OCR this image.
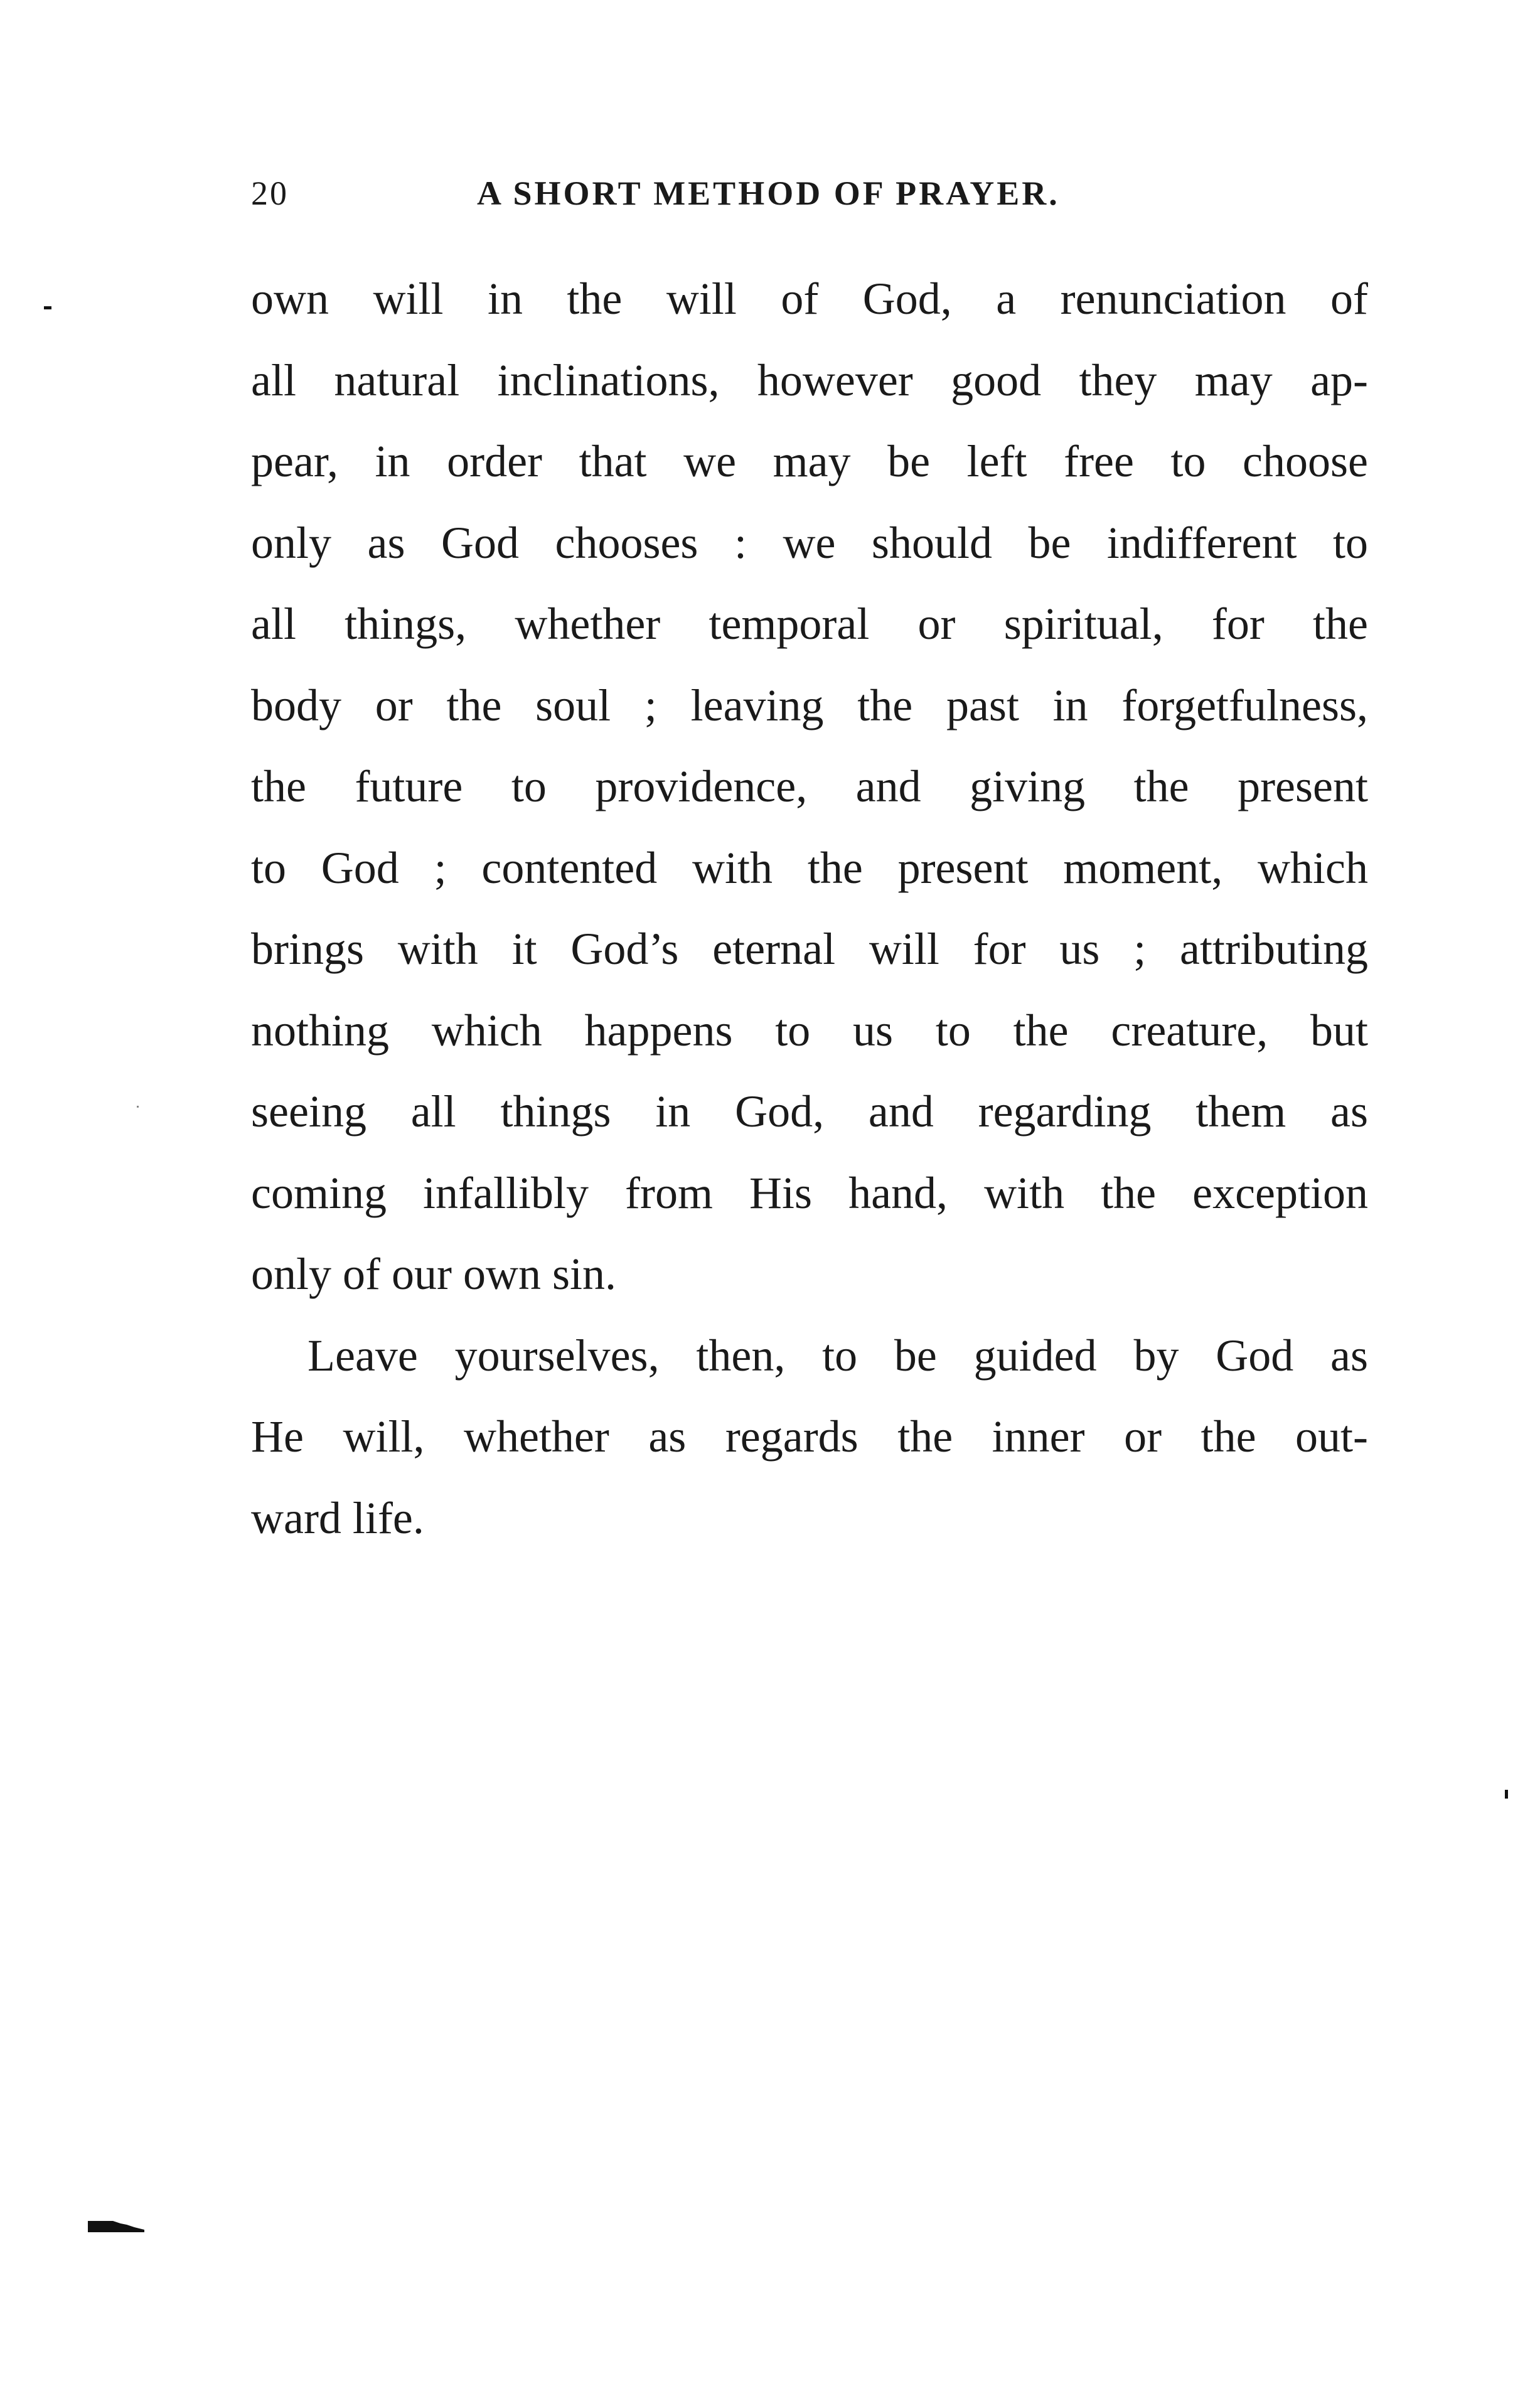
20	A SHORT METHOD OF PRAYER.
own will in the will of God, a renunciation of
all natural inclinations, however good they may ap-
pear, in order that we may be left free to choose
only as God chooses : we should be indifferent to
all things, whether temporal or spiritual, for the
body or the soul ; leaving the past in forgetfulness,
the future to providence, and giving the present
to God ; contented with the present moment, which
brings with it God’s eternal will for us ; attributing
nothing which happens to us to the creature, but
seeing all things in God, and regarding them as
coming infallibly from His hand, with the exception
only of our own sin.
Leave yourselves, then, to be guided by God as
He will, whether as regards the inner or the out-
ward life.
